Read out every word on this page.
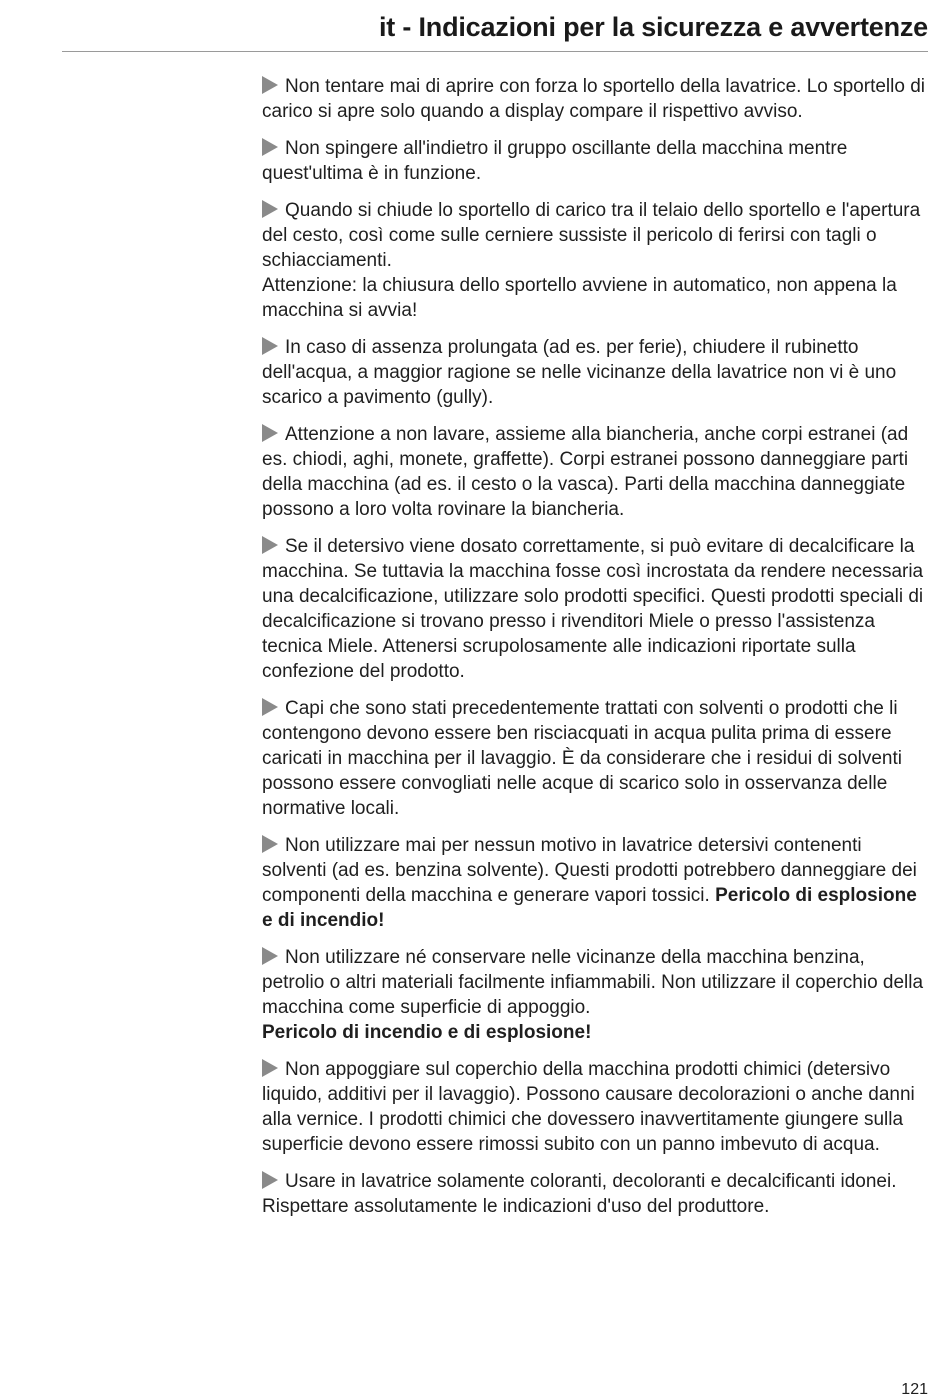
it - Indicazioni per la sicurezza e avvertenze

Non tentare mai di aprire con forza lo sportello della lavatrice. Lo sportello di carico si apre solo quando a display compare il rispettivo avviso.

Non spingere all'indietro il gruppo oscillante della macchina mentre quest'ultima è in funzione.

Quando si chiude lo sportello di carico tra il telaio dello sportello e l'apertura del cesto, così come sulle cerniere sussiste il pericolo di ferirsi con tagli o schiacciamenti.
Attenzione: la chiusura dello sportello avviene in automatico, non appena la macchina si avvia!

In caso di assenza prolungata (ad es. per ferie), chiudere il rubinetto dell'acqua, a maggior ragione se nelle vicinanze della lavatrice non vi è uno scarico a pavimento (gully).

Attenzione a non lavare, assieme alla biancheria, anche corpi estranei (ad es. chiodi, aghi, monete, graffette). Corpi estranei possono danneggiare parti della macchina (ad es. il cesto o la vasca). Parti della macchina danneggiate possono a loro volta rovinare la biancheria.

Se il detersivo viene dosato correttamente, si può evitare di decalcificare la macchina. Se tuttavia la macchina fosse così incrostata da rendere necessaria una decalcificazione, utilizzare solo prodotti specifici. Questi prodotti speciali di decalcificazione si trovano presso i rivenditori Miele o presso l'assistenza tecnica Miele. Attenersi scrupolosamente alle indicazioni riportate sulla confezione del prodotto.

Capi che sono stati precedentemente trattati con solventi o prodotti che li contengono devono essere ben risciacquati in acqua pulita prima di essere caricati in macchina per il lavaggio. È da considerare che i residui di solventi possono essere convogliati nelle acque di scarico solo in osservanza delle normative locali.

Non utilizzare mai per nessun motivo in lavatrice detersivi contenenti solventi (ad es. benzina solvente). Questi prodotti potrebbero danneggiare dei componenti della macchina e generare vapori tossici. Pericolo di esplosione e di incendio!

Non utilizzare né conservare nelle vicinanze della macchina benzina, petrolio o altri materiali facilmente infiammabili. Non utilizzare il coperchio della macchina come superficie di appoggio.
Pericolo di incendio e di esplosione!

Non appoggiare sul coperchio della macchina prodotti chimici (detersivo liquido, additivi per il lavaggio). Possono causare decolorazioni o anche danni alla vernice. I prodotti chimici che dovessero inavvertitamente giungere sulla superficie devono essere rimossi subito con un panno imbevuto di acqua.

Usare in lavatrice solamente coloranti, decoloranti e decalcificanti idonei. Rispettare assolutamente le indicazioni d'uso del produttore.

121
